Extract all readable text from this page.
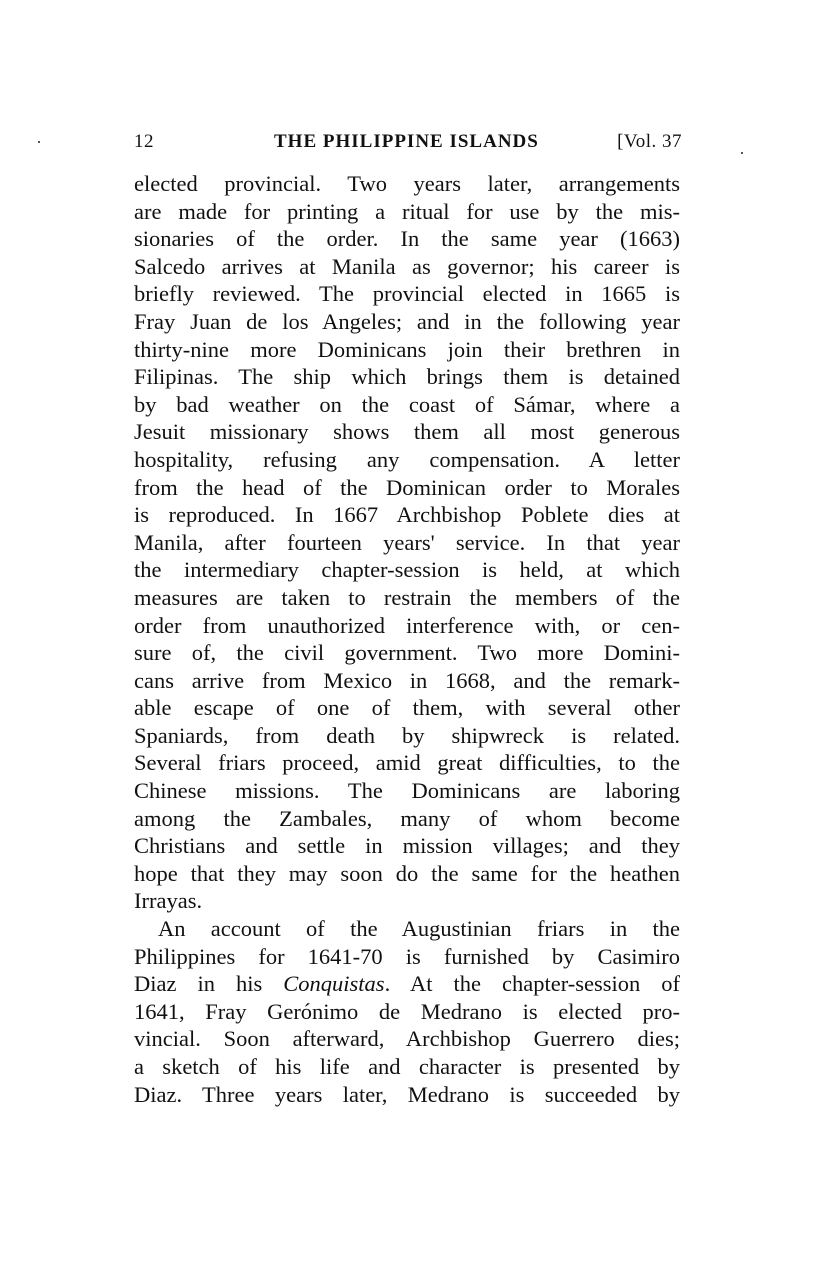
12	THE PHILIPPINE ISLANDS	[Vol. 37
elected provincial. Two years later, arrangements
are made for printing a ritual for use by the mis-
sionaries of the order. In the same year (1663)
Salcedo arrives at Manila as governor; his career is
briefly reviewed. The provincial elected in 1665 is
Fray Juan de los Angeles; and in the following year
thirty-nine more Dominicans join their brethren in
Filipinas. The ship which brings them is detained
by bad weather on the coast of Sámar, where a
Jesuit missionary shows them all most generous
hospitality, refusing any compensation. A letter
from the head of the Dominican order to Morales
is reproduced. In 1667 Archbishop Poblete dies at
Manila, after fourteen years' service. In that year
the intermediary chapter-session is held, at which
measures are taken to restrain the members of the
order from unauthorized interference with, or cen-
sure of, the civil government. Two more Domini-
cans arrive from Mexico in 1668, and the remark-
able escape of one of them, with several other
Spaniards, from death by shipwreck is related.
Several friars proceed, amid great difficulties, to the
Chinese missions. The Dominicans are laboring
among the Zambales, many of whom become
Christians and settle in mission villages; and they
hope that they may soon do the same for the heathen
Irrayas.
An account of the Augustinian friars in the
Philippines for 1641-70 is furnished by Casimiro
Diaz in his Conquistas. At the chapter-session of
1641, Fray Gerónimo de Medrano is elected pro-
vincial. Soon afterward, Archbishop Guerrero dies;
a sketch of his life and character is presented by
Diaz. Three years later, Medrano is succeeded by
